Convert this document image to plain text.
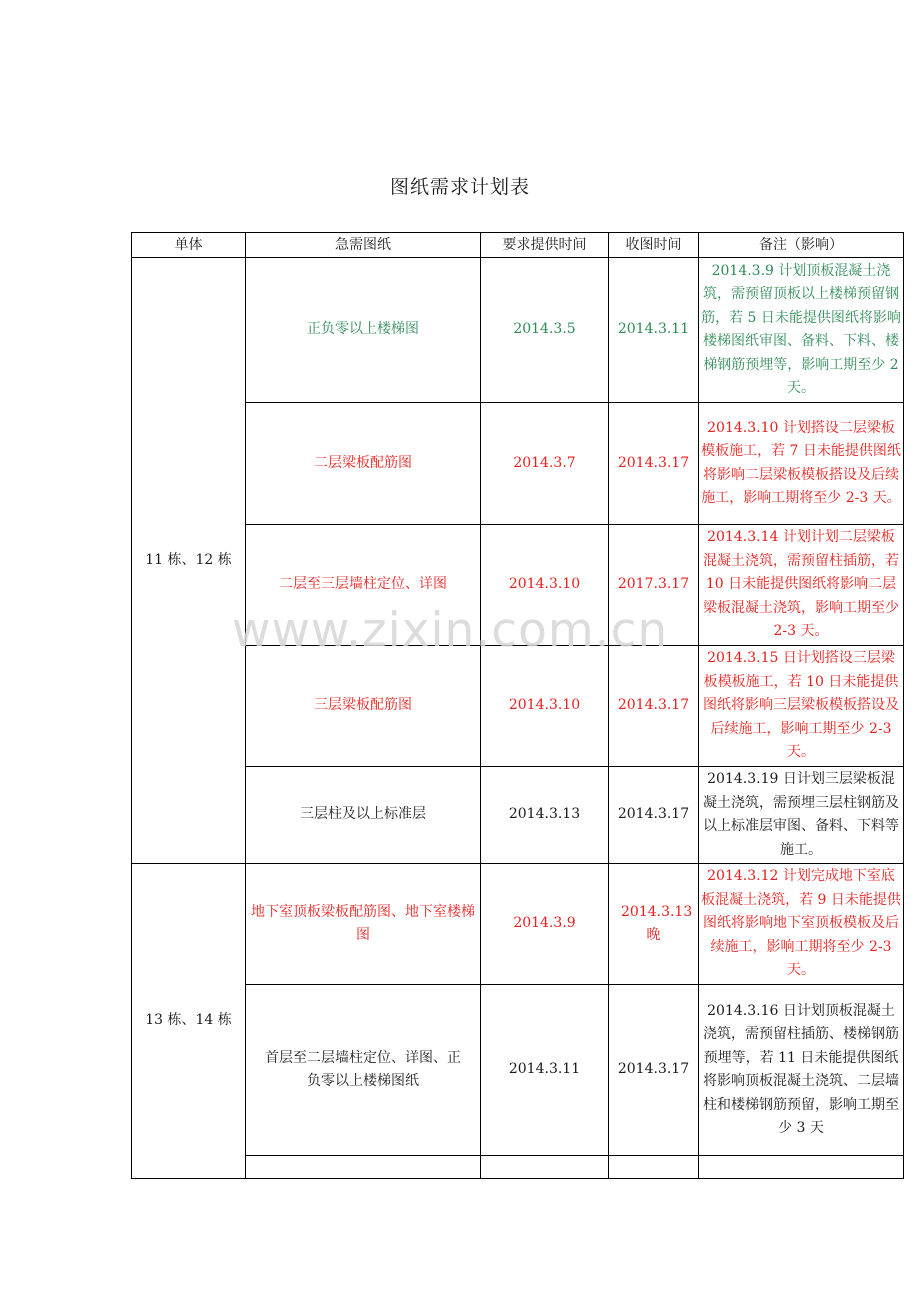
图纸需求计划表
单体	急需图纸	要求提供时间	收图时间	备注（影响）
11 栋、12 栋	正负零以上楼梯图	2014.3.5	2014.3.11	2014.3.9 计划顶板混凝土浇筑，需预留顶板以上楼梯预留钢筋，若 5 日未能提供图纸将影响楼梯图纸审图、备料、下料、楼梯钢筋预埋等，影响工期至少 2 天。
	二层梁板配筋图	2014.3.7	2014.3.17	2014.3.10 计划搭设二层梁板模板施工，若 7 日未能提供图纸将影响二层梁板模板搭设及后续施工，影响工期将至少 2-3 天。
	二层至三层墙柱定位、详图	2014.3.10	2017.3.17	2014.3.14 计划计划二层梁板混凝土浇筑，需预留柱插筋，若 10 日未能提供图纸将影响二层梁板混凝土浇筑，影响工期至少 2-3 天。
	三层梁板配筋图	2014.3.10	2014.3.17	2014.3.15 日计划搭设三层梁板模板施工，若 10 日未能提供图纸将影响三层梁板模板搭设及后续施工，影响工期至少 2-3 天。
	三层柱及以上标准层	2014.3.13	2014.3.17	2014.3.19 日计划三层梁板混凝土浇筑，需预埋三层柱钢筋及以上标准层审图、备料、下料等施工。
13 栋、14 栋	地下室顶板梁板配筋图、地下室楼梯图	2014.3.9	2014.3.13 晚	2014.3.12 计划完成地下室底板混凝土浇筑，若 9 日未能提供图纸将影响地下室顶板模板及后续施工，影响工期将至少 2-3 天。
	首层至二层墙柱定位、详图、正负零以上楼梯图纸	2014.3.11	2014.3.17	2014.3.16 日计划顶板混凝土浇筑，需预留柱插筋、楼梯钢筋预埋等，若 11 日未能提供图纸将影响顶板混凝土浇筑、二层墙柱和楼梯钢筋预留，影响工期至少 3 天

www.zixin.com.cn
